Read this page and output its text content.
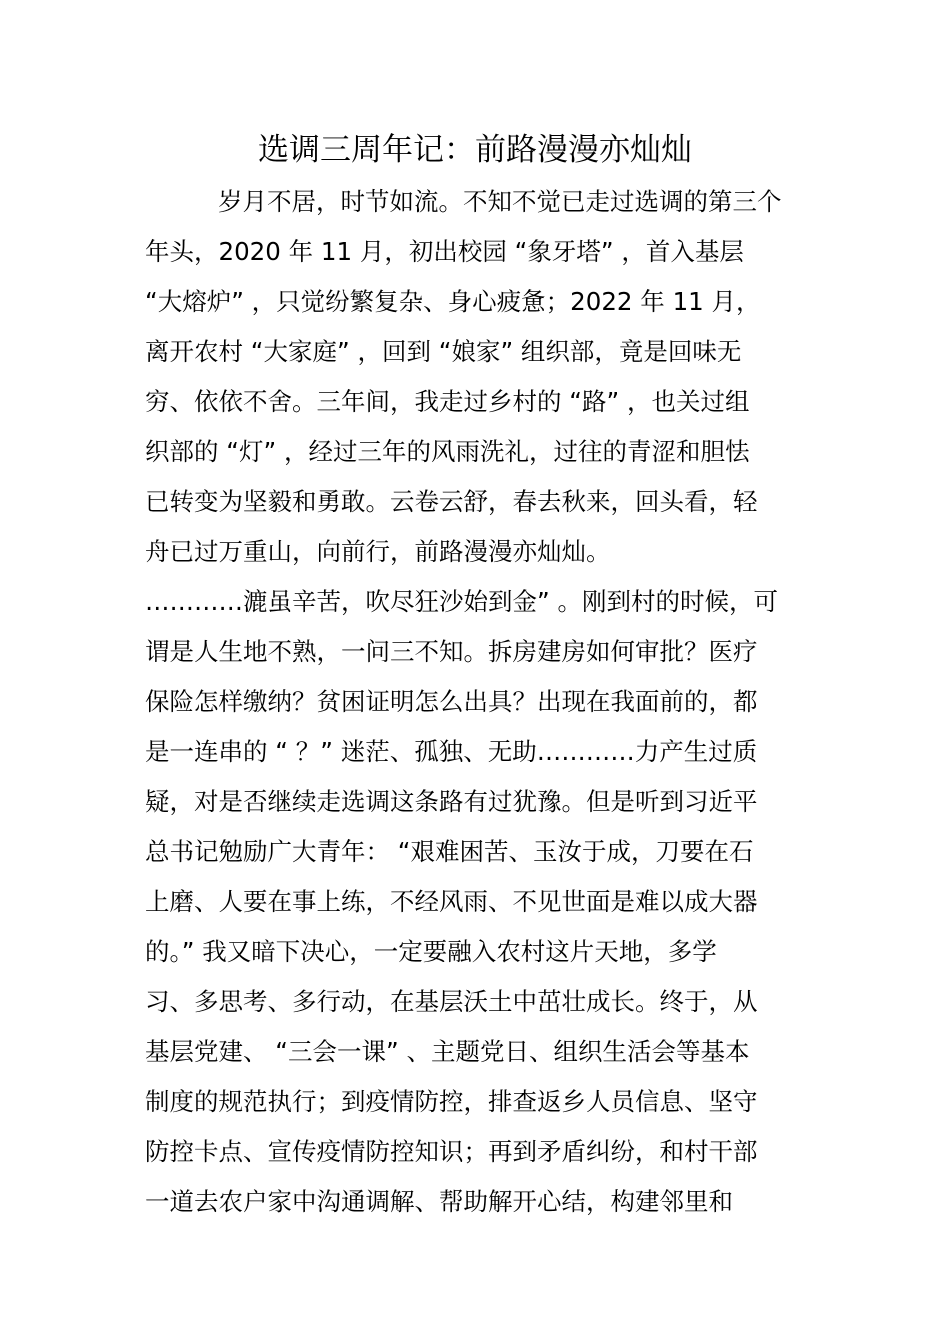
选调三周年记：前路漫漫亦灿灿
岁月不居，时节如流。不知不觉已走过选调的第三个
年头，2020 年 11 月，初出校园 “象牙塔” ，首入基层
“大熔炉” ，只觉纷繁复杂、身心疲惫；2022 年 11 月，
离开农村 “大家庭” ，回到 “娘家” 组织部，竟是回味无
穷、依依不舍。三年间，我走过乡村的 “路” ，也关过组
织部的 “灯” ，经过三年的风雨洗礼，过往的青涩和胆怯
已转变为坚毅和勇敢。云卷云舒，春去秋来，回头看，轻
舟已过万重山，向前行，前路漫漫亦灿灿。
…………漉虽辛苦，吹尽狂沙始到金” 。刚到村的时候，可
谓是人生地不熟，一问三不知。拆房建房如何审批？医疗
保险怎样缴纳？贫困证明怎么出具？出现在我面前的，都
是一连串的 “ ？” 迷茫、孤独、无助…………力产生过质
疑，对是否继续走选调这条路有过犹豫。但是听到习近平
总书记勉励广大青年： “艰难困苦、玉汝于成，刀要在石
上磨、人要在事上练，不经风雨、不见世面是难以成大器
的。” 我又暗下决心，一定要融入农村这片天地，多学
习、多思考、多行动，在基层沃土中茁壮成长。终于，从
基层党建、 “三会一课” 、主题党日、组织生活会等基本
制度的规范执行；到疫情防控，排查返乡人员信息、坚守
防控卡点、宣传疫情防控知识；再到矛盾纠纷，和村干部
一道去农户家中沟通调解、帮助解开心结，构建邻里和
